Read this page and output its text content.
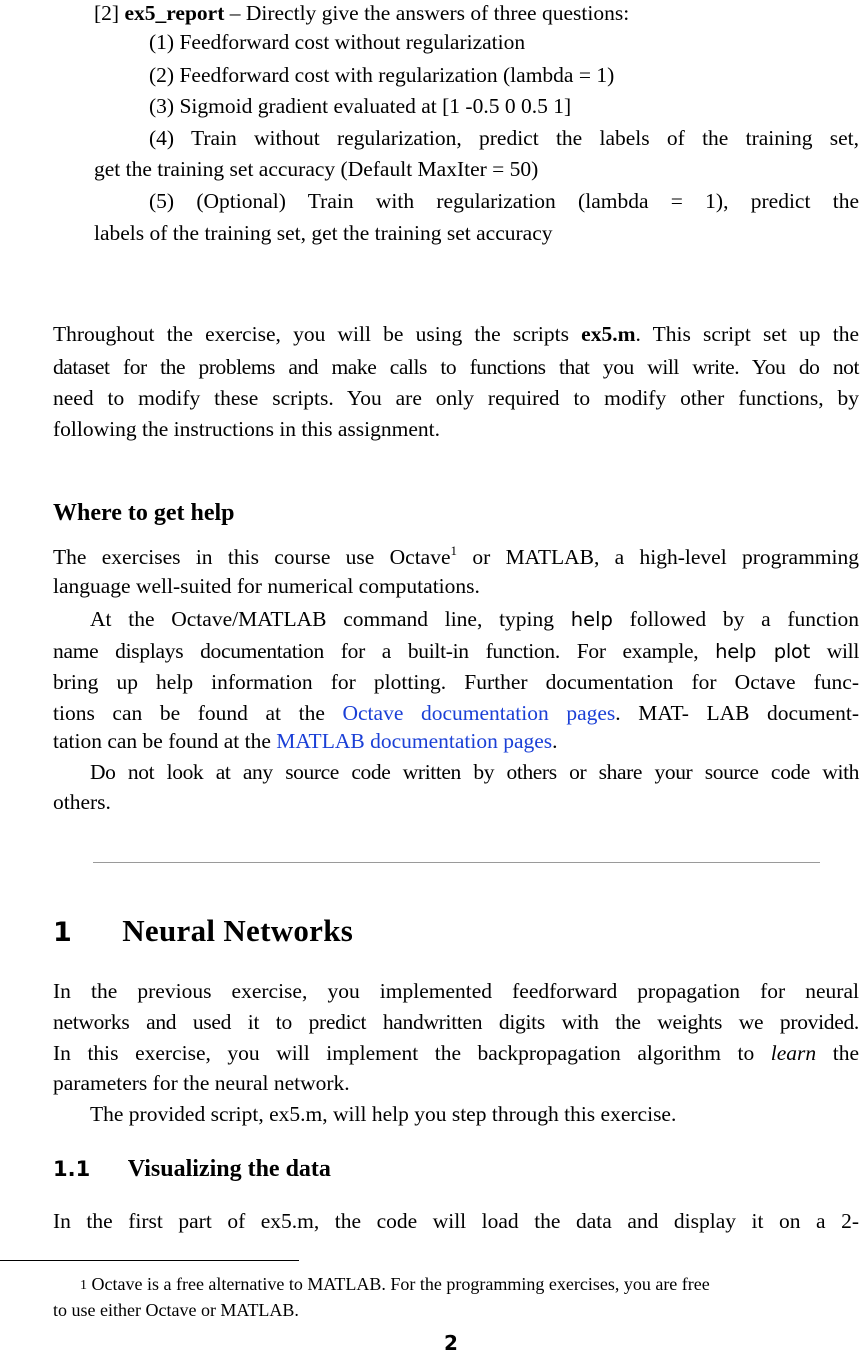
[2] ex5_report – Directly give the answers of three questions:
(1) Feedforward cost without regularization
(2) Feedforward cost with regularization (lambda = 1)
(3) Sigmoid gradient evaluated at [1 -0.5 0 0.5 1]
(4) Train without regularization, predict the labels of the training set,
get the training set accuracy (Default MaxIter = 50)
(5) (Optional) Train with regularization (lambda = 1), predict the
labels of the training set, get the training set accuracy
Throughout the exercise, you will be using the scripts ex5.m. This script set up the
dataset for the problems and make calls to functions that you will write. You do not
need to modify these scripts. You are only required to modify other functions, by
following the instructions in this assignment.
Where to get help
The exercises in this course use Octave$^1$ or MATLAB, a high-level programming
language well-suited for numerical computations.
At the Octave/MATLAB command line, typing help followed by a function
name displays documentation for a built-in function. For example, help plot will
bring up help information for plotting. Further documentation for Octave func-
tions can be found at the Octave documentation pages. MAT- LAB document-
tation can be found at the MATLAB documentation pages.
Do not look at any source code written by others or share your source code with
others.
1 Neural Networks
In the previous exercise, you implemented feedforward propagation for neural
networks and used it to predict handwritten digits with the weights we provided.
In this exercise, you will implement the backpropagation algorithm to learn the
parameters for the neural network.
The provided script, ex5.m, will help you step through this exercise.
1.1 Visualizing the data
In the first part of ex5.m, the code will load the data and display it on a 2-
1 Octave is a free alternative to MATLAB. For the programming exercises, you are free
to use either Octave or MATLAB.
2
